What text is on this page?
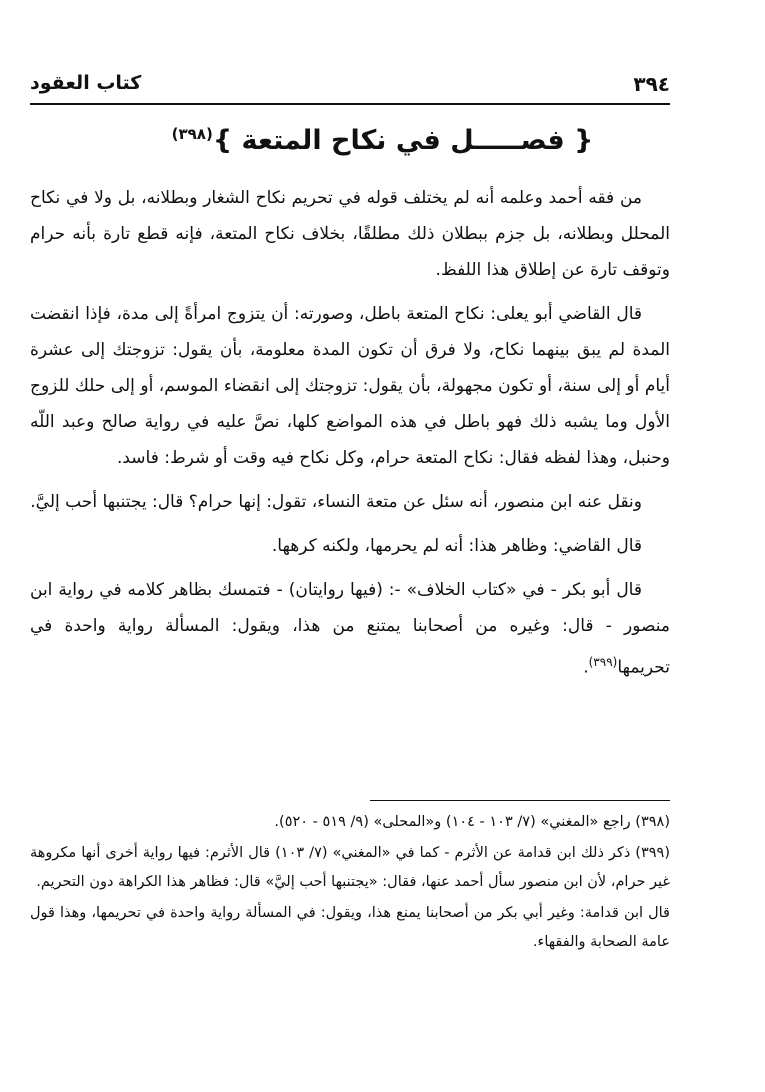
٣٩٤
كتاب العقود
{ فصـــــل في نكاح المتعة }$^{(٣٩٨)}$

من فقه أحمد وعلمه أنه لم يختلف قوله في تحريم نكاح الشغار وبطلانه، بل ولا في نكاح المحلل وبطلانه، بل جزم ببطلان ذلك مطلقًا، بخلاف نكاح المتعة، فإنه قطع تارة بأنه حرام وتوقف تارة عن إطلاق هذا اللفظ.

قال القاضي أبو يعلى: نكاح المتعة باطل، وصورته: أن يتزوج امرأةً إلى مدة، فإذا انقضت المدة لم يبق بينهما نكاح، ولا فرق أن تكون المدة معلومة، بأن يقول: تزوجتك إلى عشرة أيام أو إلى سنة، أو تكون مجهولة، بأن يقول: تزوجتك إلى انقضاء الموسم، أو إلى حلك للزوج الأول وما يشبه ذلك فهو باطل في هذه المواضع كلها، نصَّ عليه في رواية صالح وعبد اللّه وحنبل، وهذا لفظه فقال: نكاح المتعة حرام، وكل نكاح فيه وقت أو شرط: فاسد.

ونقل عنه ابن منصور، أنه سئل عن متعة النساء، تقول: إنها حرام؟ قال: يجتنبها أحب إليَّ.

قال القاضي: وظاهر هذا: أنه لم يحرمها، ولكنه كرهها.

قال أبو بكر - في «كتاب الخلاف» -: (فيها روايتان) - فتمسك بظاهر كلامه في رواية ابن منصور - قال: وغيره من أصحابنا يمتنع من هذا، ويقول: المسألة رواية واحدة في تحريمها$^{(٣٩٩)}$.

(٣٩٨) راجع «المغني» (٧/ ١٠٣ - ١٠٤) و«المحلى» (٩/ ٥١٩ - ٥٢٠).

(٣٩٩) ذكر ذلك ابن قدامة عن الأثرم - كما في «المغني» (٧/ ١٠٣) قال الأثرم: فيها رواية أخرى أنها مكروهة غير حرام، لأن ابن منصور سأل أحمد عنها، فقال: «يجتنبها أحب إليَّ» قال: فظاهر هذا الكراهة دون التحريم.

قال ابن قدامة: وغير أبي بكر من أصحابنا يمنع هذا، ويقول: في المسألة رواية واحدة في تحريمها، وهذا قول عامة الصحابة والفقهاء.
